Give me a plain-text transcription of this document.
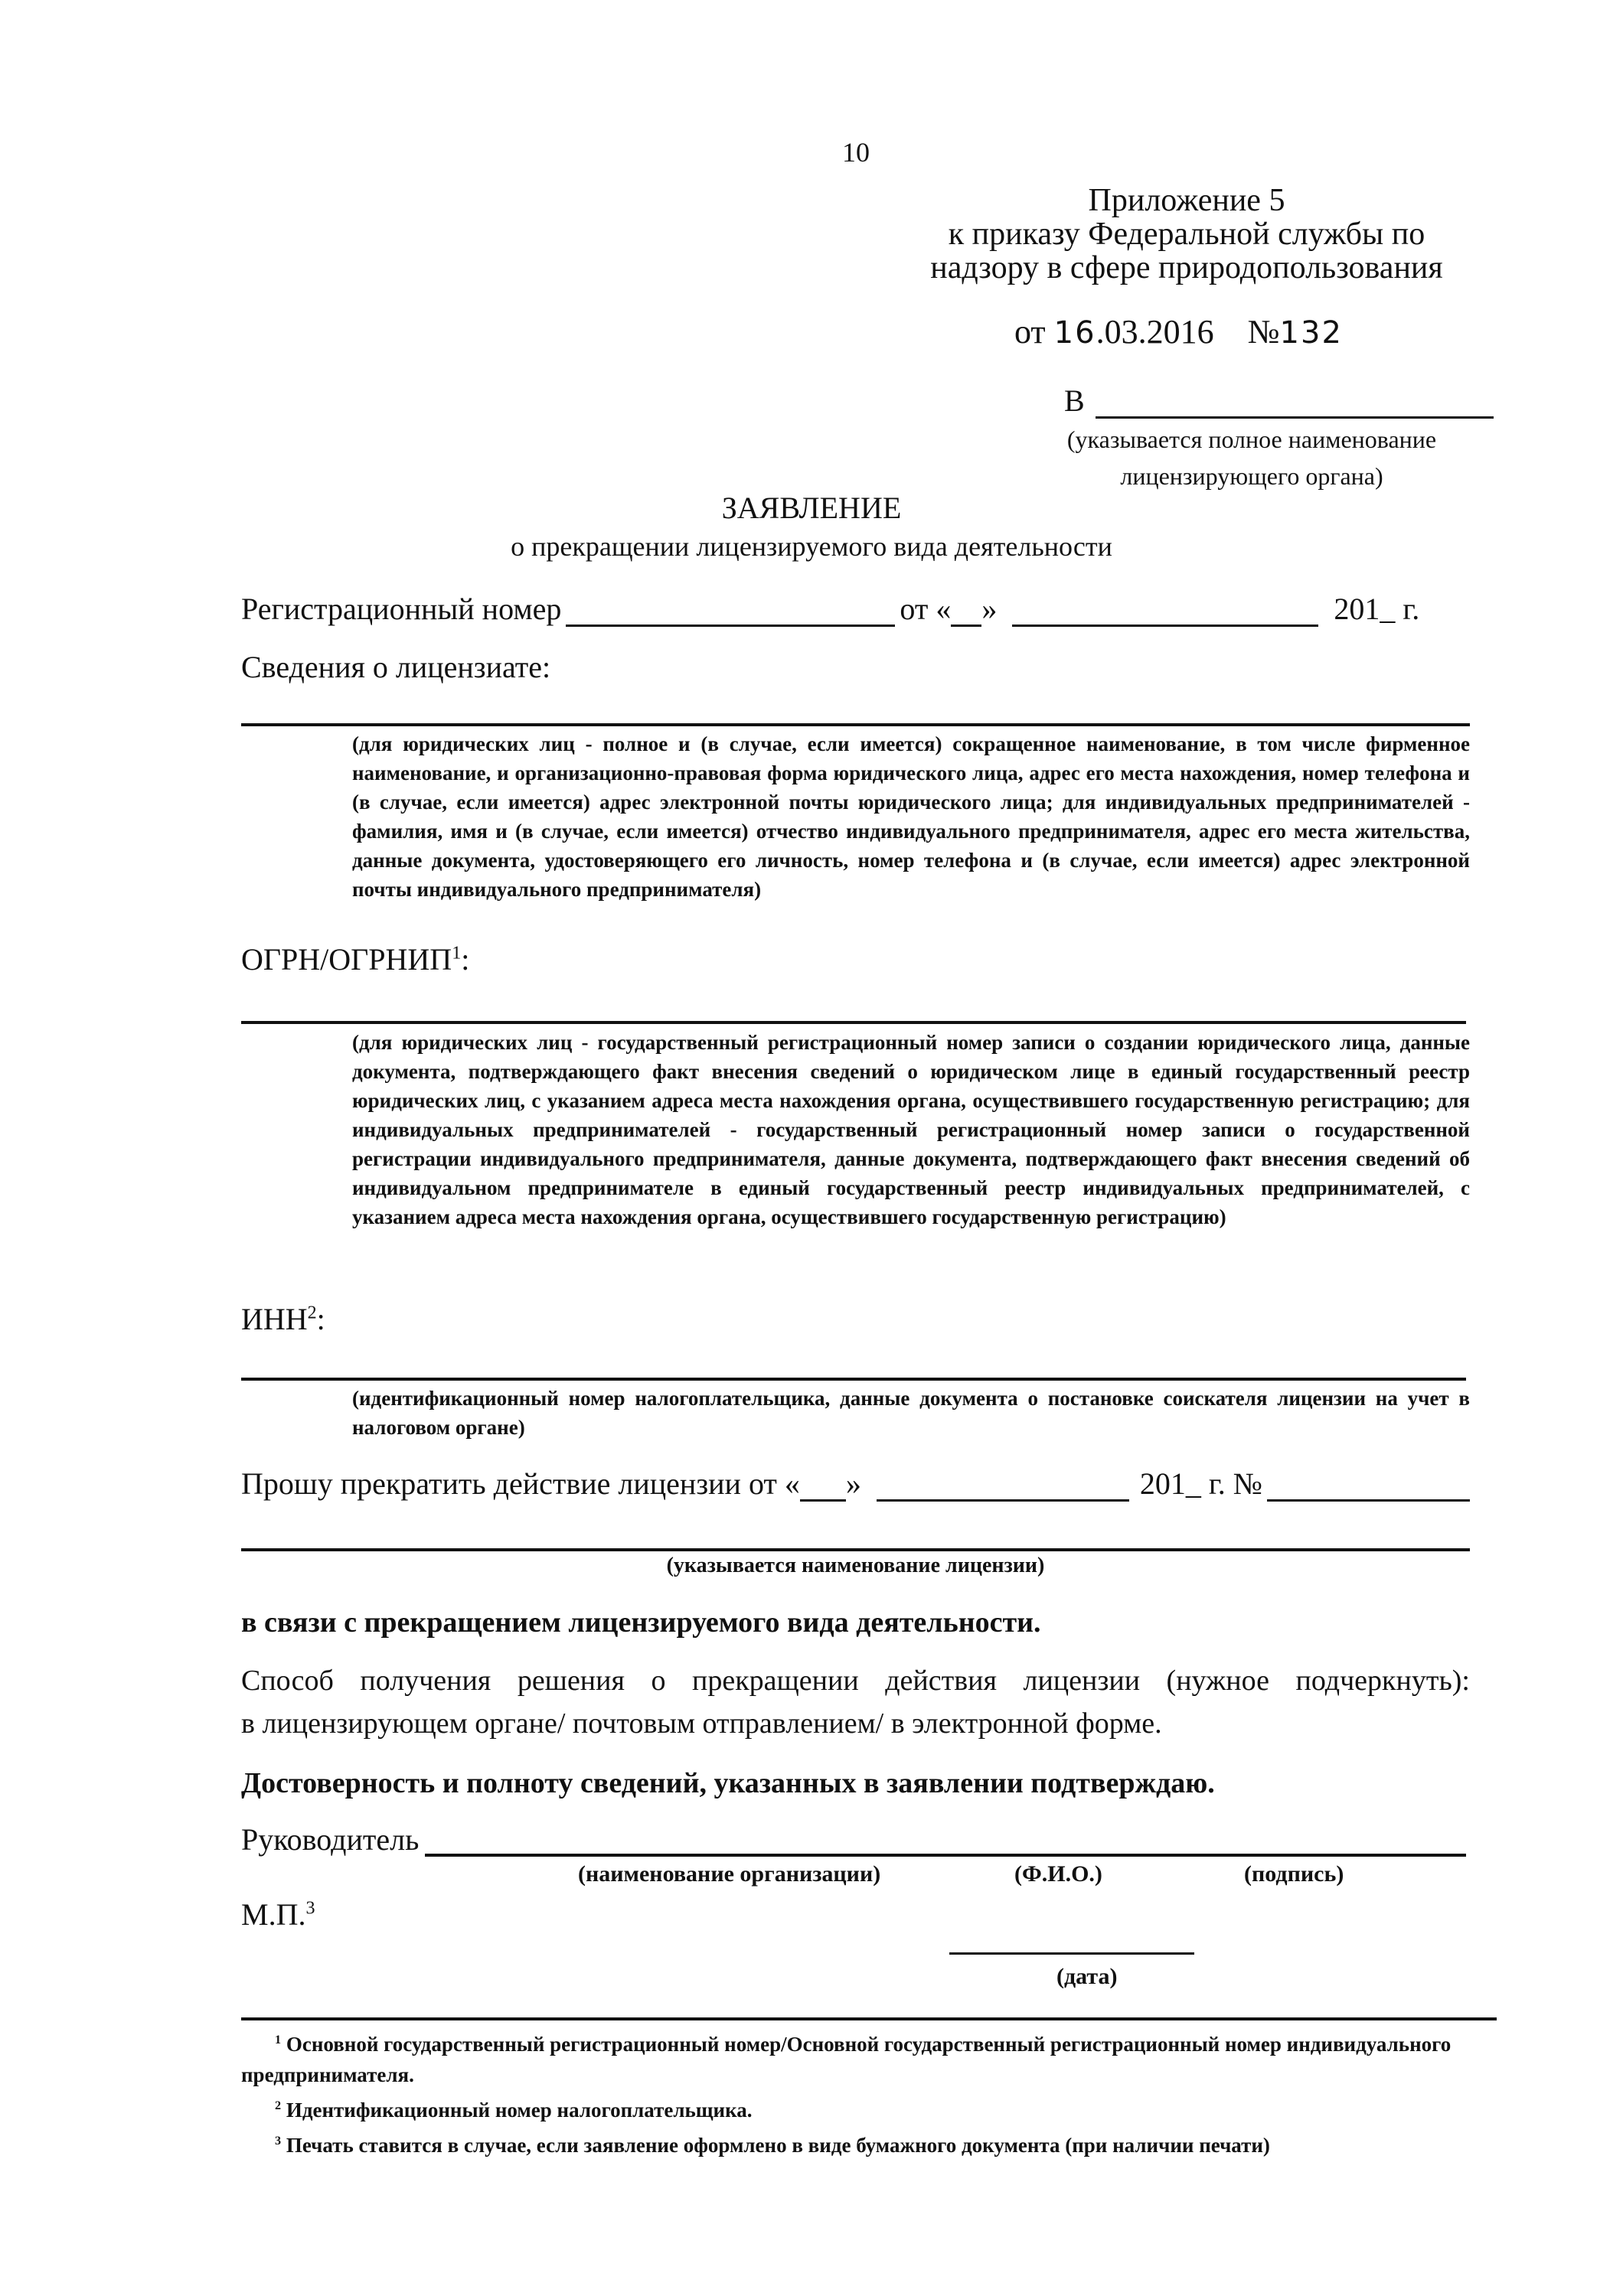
10
Приложение 5
к приказу Федеральной службы по
надзору в сфере природопользования
от 16.03.2016 №132
В
(указывается полное наименование
лицензирующего органа)
ЗАЯВЛЕНИЕ
о прекращении лицензируемого вида деятельности
Регистрационный номер	от « »	201_ г.
Сведения о лицензиате:
(для юридических лиц - полное и (в случае, если имеется) сокращенное наименование, в том числе фирменное наименование, и организационно-правовая форма юридического лица, адрес его места нахождения, номер телефона и (в случае, если имеется) адрес электронной почты юридического лица; для индивидуальных предпринимателей - фамилия, имя и (в случае, если имеется) отчество индивидуального предпринимателя, адрес его места жительства, данные документа, удостоверяющего его личность, номер телефона и (в случае, если имеется) адрес электронной почты индивидуального предпринимателя)
ОГРН/ОГРНИП$^1$:
(для юридических лиц - государственный регистрационный номер записи о создании юридического лица, данные документа, подтверждающего факт внесения сведений о юридическом лице в единый государственный реестр юридических лиц, с указанием адреса места нахождения органа, осуществившего государственную регистрацию; для индивидуальных предпринимателей - государственный регистрационный номер записи о государственной регистрации индивидуального предпринимателя, данные документа, подтверждающего факт внесения сведений об индивидуальном предпринимателе в единый государственный реестр индивидуальных предпринимателей, с указанием адреса места нахождения органа, осуществившего государственную регистрацию)
ИНН$^2$:
(идентификационный номер налогоплательщика, данные документа о постановке соискателя лицензии на учет в налоговом органе)
Прошу прекратить действие лицензии от « »	201_ г. №
(указывается наименование лицензии)
в связи с прекращением лицензируемого вида деятельности.
Способ получения решения о прекращении действия лицензии (нужное подчеркнуть):
в лицензирующем органе/ почтовым отправлением/ в электронной форме.
Достоверность и полноту сведений, указанных в заявлении подтверждаю.
Руководитель
(наименование организации)	(Ф.И.О.)	(подпись)
М.П.$^3$
(дата)
$^1$ Основной государственный регистрационный номер/Основной государственный регистрационный номер индивидуального предпринимателя.
$^2$ Идентификационный номер налогоплательщика.
$^3$ Печать ставится в случае, если заявление оформлено в виде бумажного документа (при наличии печати)
